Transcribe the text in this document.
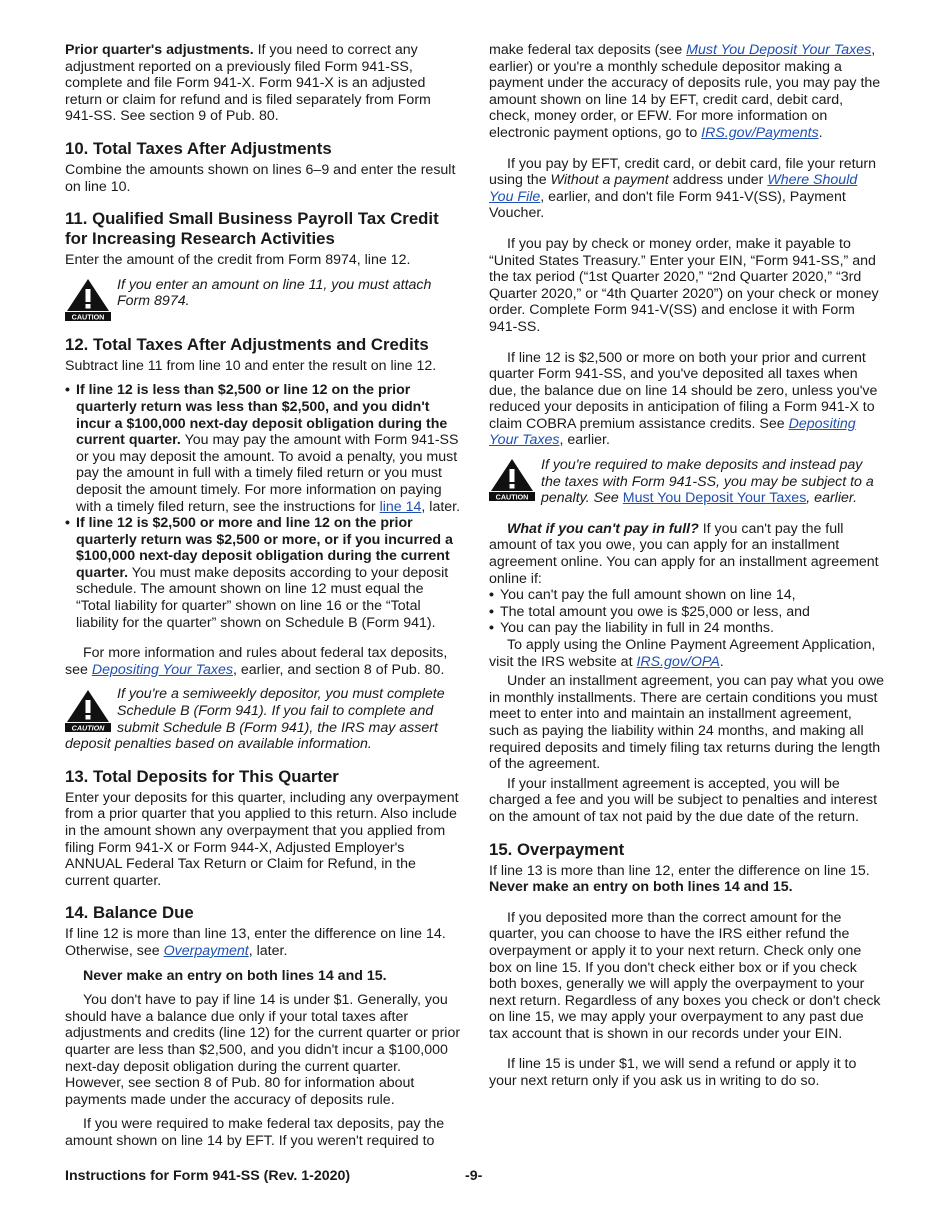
Prior quarter's adjustments. If you need to correct any adjustment reported on a previously filed Form 941-SS, complete and file Form 941-X. Form 941-X is an adjusted return or claim for refund and is filed separately from Form 941-SS. See section 9 of Pub. 80.

10. Total Taxes After Adjustments

Combine the amounts shown on lines 6–9 and enter the result on line 10.

11. Qualified Small Business Payroll Tax Credit for Increasing Research Activities

Enter the amount of the credit from Form 8974, line 12.

CAUTION
If you enter an amount on line 11, you must attach Form 8974.
12. Total Taxes After Adjustments and Credits

Subtract line 11 from line 10 and enter the result on line 12.

• If line 12 is less than $2,500 or line 12 on the prior quarterly return was less than $2,500, and you didn't incur a $100,000 next-day deposit obligation during the current quarter. You may pay the amount with Form 941-SS or you may deposit the amount. To avoid a penalty, you must pay the amount in full with a timely filed return or you must deposit the amount timely. For more information on paying with a timely filed return, see the instructions for line 14, later.
• If line 12 is $2,500 or more and line 12 on the prior quarterly return was $2,500 or more, or if you incurred a $100,000 next-day deposit obligation during the current quarter. You must make deposits according to your deposit schedule. The amount shown on line 12 must equal the “Total liability for quarter” shown on line 16 or the “Total liability for the quarter” shown on Schedule B (Form 941).

For more information and rules about federal tax deposits, see Depositing Your Taxes, earlier, and section 8 of Pub. 80.

CAUTION
If you're a semiweekly depositor, you must complete Schedule B (Form 941). If you fail to complete and submit Schedule B (Form 941), the IRS may assert deposit penalties based on available information.
13. Total Deposits for This Quarter

Enter your deposits for this quarter, including any overpayment from a prior quarter that you applied to this return. Also include in the amount shown any overpayment that you applied from filing Form 941-X or Form 944-X, Adjusted Employer's ANNUAL Federal Tax Return or Claim for Refund, in the current quarter.

14. Balance Due

If line 12 is more than line 13, enter the difference on line 14. Otherwise, see Overpayment, later.

Never make an entry on both lines 14 and 15.

You don't have to pay if line 14 is under $1. Generally, you should have a balance due only if your total taxes after adjustments and credits (line 12) for the current quarter or prior quarter are less than $2,500, and you didn't incur a $100,000 next-day deposit obligation during the current quarter. However, see section 8 of Pub. 80 for information about payments made under the accuracy of deposits rule.

If you were required to make federal tax deposits, pay the amount shown on line 14 by EFT. If you weren't required to

make federal tax deposits (see Must You Deposit Your Taxes, earlier) or you're a monthly schedule depositor making a payment under the accuracy of deposits rule, you may pay the amount shown on line 14 by EFT, credit card, debit card, check, money order, or EFW. For more information on electronic payment options, go to IRS.gov/Payments.

If you pay by EFT, credit card, or debit card, file your return using the Without a payment address under Where Should You File, earlier, and don't file Form 941-V(SS), Payment Voucher.

If you pay by check or money order, make it payable to “United States Treasury.” Enter your EIN, “Form 941-SS,” and the tax period (“1st Quarter 2020,” “2nd Quarter 2020,” “3rd Quarter 2020,” or “4th Quarter 2020”) on your check or money order. Complete Form 941-V(SS) and enclose it with Form 941-SS.

If line 12 is $2,500 or more on both your prior and current quarter Form 941-SS, and you've deposited all taxes when due, the balance due on line 14 should be zero, unless you've reduced your deposits in anticipation of filing a Form 941-X to claim COBRA premium assistance credits. See Depositing Your Taxes, earlier.

CAUTION
If you're required to make deposits and instead pay the taxes with Form 941-SS, you may be subject to a penalty. See Must You Deposit Your Taxes, earlier.

What if you can't pay in full? If you can't pay the full amount of tax you owe, you can apply for an installment agreement online. You can apply for an installment agreement online if:

• You can't pay the full amount shown on line 14,
• The total amount you owe is $25,000 or less, and
• You can pay the liability in full in 24 months.

To apply using the Online Payment Agreement Application, visit the IRS website at IRS.gov/OPA.

Under an installment agreement, you can pay what you owe in monthly installments. There are certain conditions you must meet to enter into and maintain an installment agreement, such as paying the liability within 24 months, and making all required deposits and timely filing tax returns during the length of the agreement.

If your installment agreement is accepted, you will be charged a fee and you will be subject to penalties and interest on the amount of tax not paid by the due date of the return.

15. Overpayment

If line 13 is more than line 12, enter the difference on line 15.

Never make an entry on both lines 14 and 15.

If you deposited more than the correct amount for the quarter, you can choose to have the IRS either refund the overpayment or apply it to your next return. Check only one box on line 15. If you don't check either box or if you check both boxes, generally we will apply the overpayment to your next return. Regardless of any boxes you check or don't check on line 15, we may apply your overpayment to any past due tax account that is shown in our records under your EIN.

If line 15 is under $1, we will send a refund or apply it to your next return only if you ask us in writing to do so.

Instructions for Form 941-SS (Rev. 1-2020)	-9-
